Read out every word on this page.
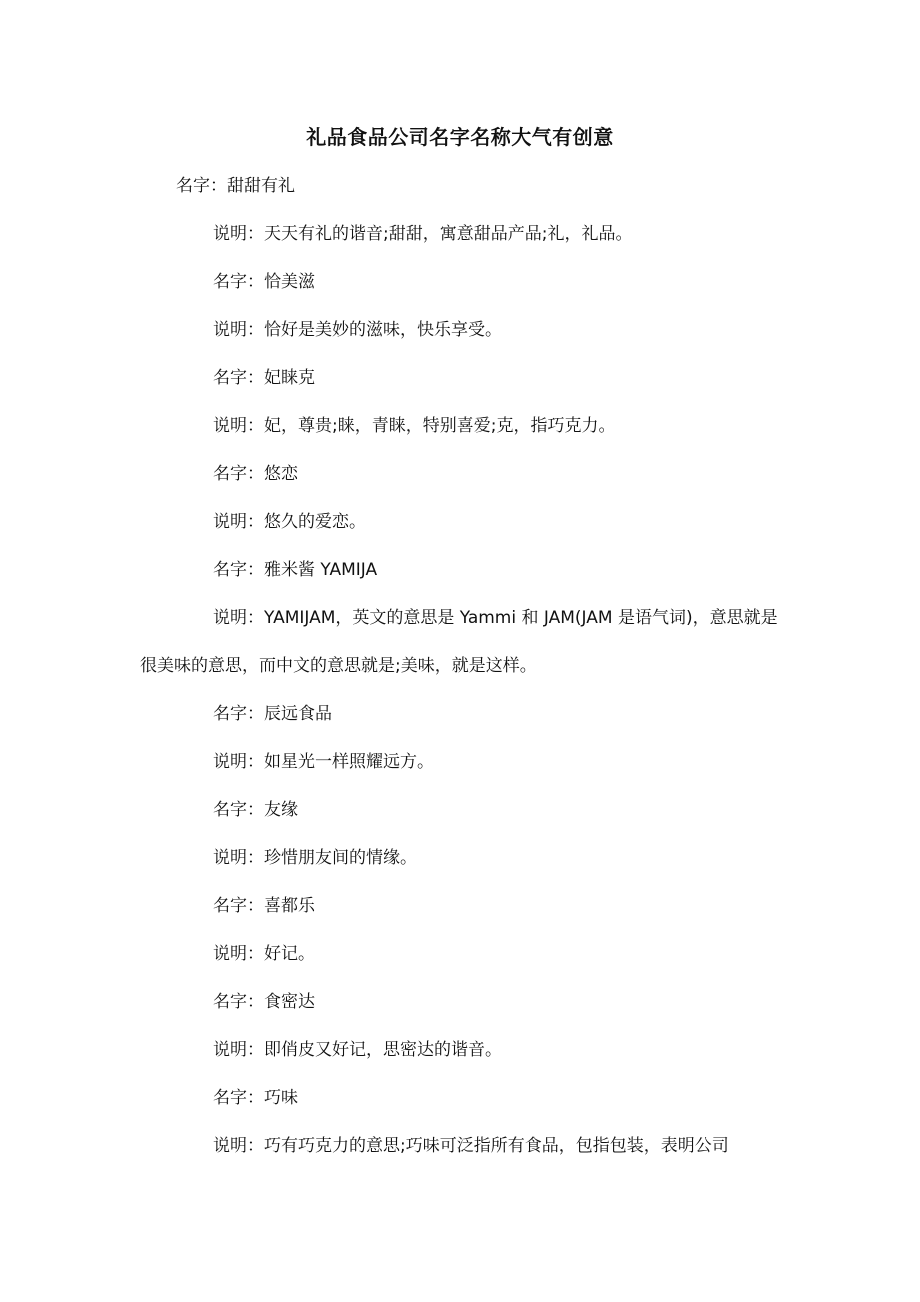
礼品食品公司名字名称大气有创意
名字：甜甜有礼
说明：天天有礼的谐音;甜甜，寓意甜品产品;礼，礼品。
名字：恰美滋
说明：恰好是美妙的滋味，快乐享受。
名字：妃睐克
说明：妃，尊贵;睐，青睐，特别喜爱;克，指巧克力。
名字：悠恋
说明：悠久的爱恋。
名字：雅米酱 YAMIJA
说明：YAMIJAM，英文的意思是 Yammi 和 JAM(JAM 是语气词)，意思就是很美味的意思，而中文的意思就是;美味，就是这样。
名字：辰远食品
说明：如星光一样照耀远方。
名字：友缘
说明：珍惜朋友间的情缘。
名字：喜都乐
说明：好记。
名字：食密达
说明：即俏皮又好记，思密达的谐音。
名字：巧味
说明：巧有巧克力的意思;巧味可泛指所有食品，包指包装，表明公司
